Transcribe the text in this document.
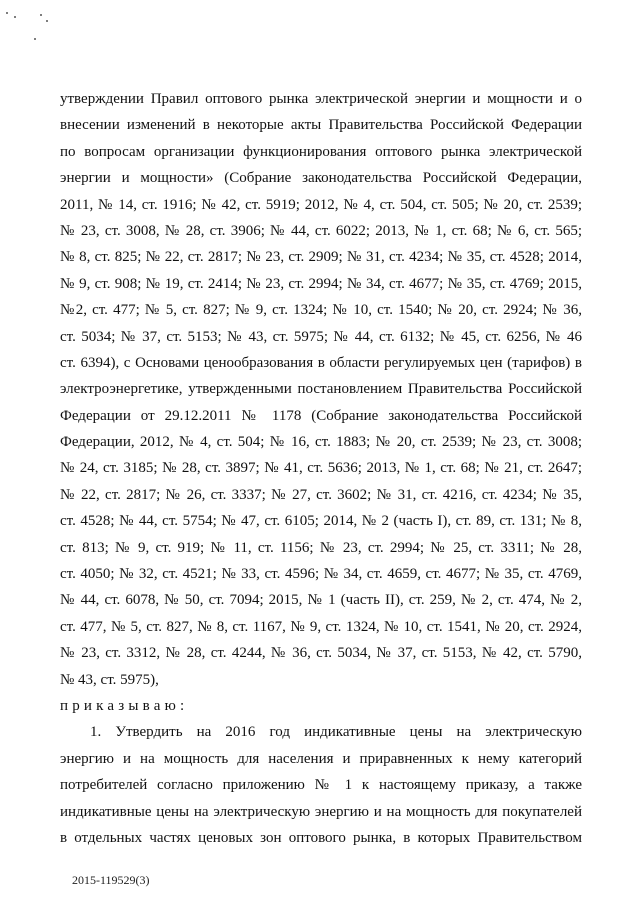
утверждении Правил оптового рынка электрической энергии и мощности и о
внесении изменений в некоторые акты Правительства Российской Федерации
по вопросам организации функционирования оптового рынка электрической
энергии и мощности» (Собрание законодательства Российской Федерации,
2011, № 14, ст. 1916; № 42, ст. 5919; 2012, № 4, ст. 504, ст. 505; № 20, ст. 2539;
№ 23, ст. 3008, № 28, ст. 3906; № 44, ст. 6022; 2013, № 1, ст. 68; № 6, ст. 565;
№ 8, ст. 825; № 22, ст. 2817; № 23, ст. 2909; № 31, ст. 4234; № 35, ст. 4528; 2014,
№ 9, ст. 908; № 19, ст. 2414; № 23, ст. 2994; № 34, ст. 4677; № 35, ст. 4769; 2015,
№2, ст. 477; № 5, ст. 827; № 9, ст. 1324; № 10, ст. 1540; № 20, ст. 2924; № 36,
ст. 5034; № 37, ст. 5153; № 43, ст. 5975; № 44, ст. 6132; № 45, ст. 6256, № 46
ст. 6394), с Основами ценообразования в области регулируемых цен (тарифов) в
электроэнергетике, утвержденными постановлением Правительства Российской
Федерации от 29.12.2011 № 1178 (Собрание законодательства Российской
Федерации, 2012, № 4, ст. 504; № 16, ст. 1883; № 20, ст. 2539; № 23, ст. 3008;
№ 24, ст. 3185; № 28, ст. 3897; № 41, ст. 5636; 2013, № 1, ст. 68; № 21, ст. 2647;
№ 22, ст. 2817; № 26, ст. 3337; № 27, ст. 3602; № 31, ст. 4216, ст. 4234; № 35,
ст. 4528; № 44, ст. 5754; № 47, ст. 6105; 2014, № 2 (часть I), ст. 89, ст. 131; № 8,
ст. 813; № 9, ст. 919; № 11, ст. 1156; № 23, ст. 2994; № 25, ст. 3311; № 28,
ст. 4050; № 32, ст. 4521; № 33, ст. 4596; № 34, ст. 4659, ст. 4677; № 35, ст. 4769,
№ 44, ст. 6078, № 50, ст. 7094; 2015, № 1 (часть II), ст. 259, № 2, ст. 474, № 2,
ст. 477, № 5, ст. 827, № 8, ст. 1167, № 9, ст. 1324, № 10, ст. 1541, № 20, ст. 2924,
№ 23, ст. 3312, № 28, ст. 4244, № 36, ст. 5034, № 37, ст. 5153, № 42, ст. 5790,
№ 43, ст. 5975),
приказываю:
1. Утвердить на 2016 год индикативные цены на электрическую
энергию и на мощность для населения и приравненных к нему категорий
потребителей согласно приложению № 1 к настоящему приказу, а также
индикативные цены на электрическую энергию и на мощность для покупателей
в отдельных частях ценовых зон оптового рынка, в которых Правительством
2015-119529(3)
